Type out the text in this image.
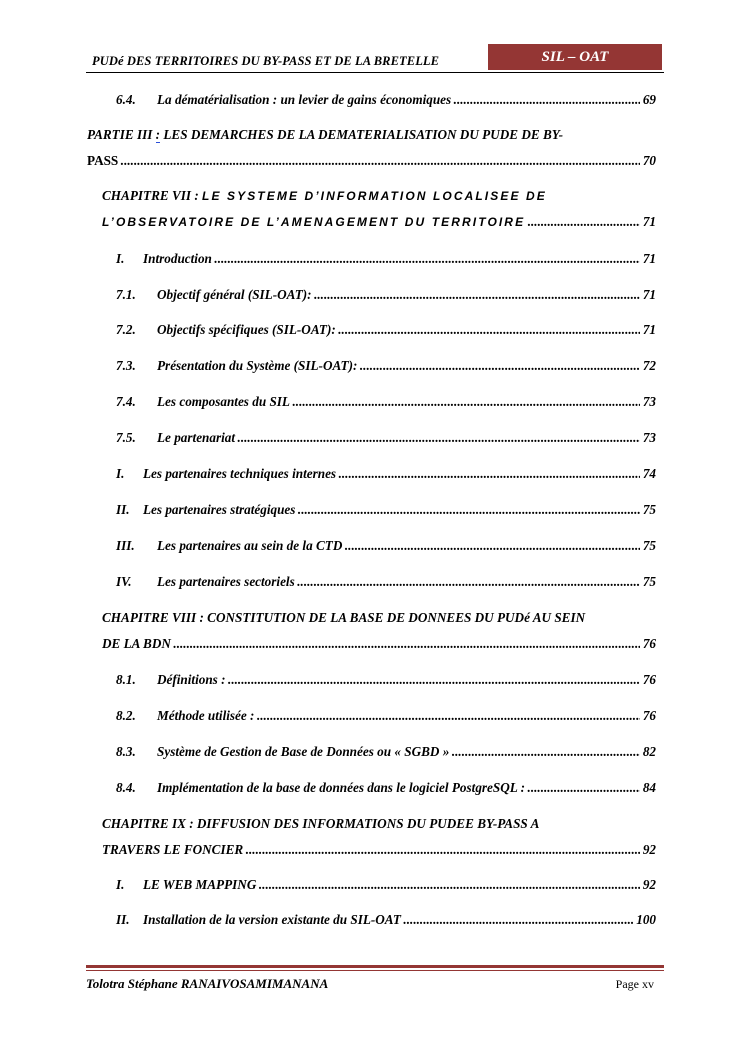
PUDé DES TERRITOIRES DU BY-PASS ET DE LA BRETELLE	SIL – OAT
6.4.	La dématérialisation : un levier de gains économiques .....	69
PARTIE III : LES DEMARCHES DE LA DEMATERIALISATION DU PUDE DE BY-
PASS .....	70
CHAPITRE VII : LE SYSTEME D’INFORMATION LOCALISEE DE
L’OBSERVATOIRE DE L’AMENAGEMENT DU TERRITOIRE .....	71
I.	Introduction .....	71
7.1.	Objectif général (SIL-OAT): .....	71
7.2.	Objectifs spécifiques (SIL-OAT): .....	71
7.3.	Présentation du Système (SIL-OAT): .....	72
7.4.	Les composantes du SIL .....	73
7.5.	Le partenariat .....	73
I.	Les partenaires techniques internes .....	74
II.	Les partenaires stratégiques .....	75
III.	Les partenaires au sein de la CTD .....	75
IV.	Les partenaires sectoriels .....	75
CHAPITRE VIII : CONSTITUTION DE LA BASE DE DONNEES DU PUDé AU SEIN
DE LA BDN .....	76
8.1.	Définitions : .....	76
8.2.	Méthode utilisée : .....	76
8.3.	Système de Gestion de Base de Données ou « SGBD » .....	82
8.4.	Implémentation de la base de données dans le logiciel PostgreSQL : .....	84
CHAPITRE IX : DIFFUSION DES INFORMATIONS DU PUDEE BY-PASS A
TRAVERS LE FONCIER .....	92
I.	LE WEB MAPPING .....	92
II.	Installation de la version existante du SIL-OAT .....	100
Tolotra Stéphane RANAIVOSAMIMANANA	Page xv
